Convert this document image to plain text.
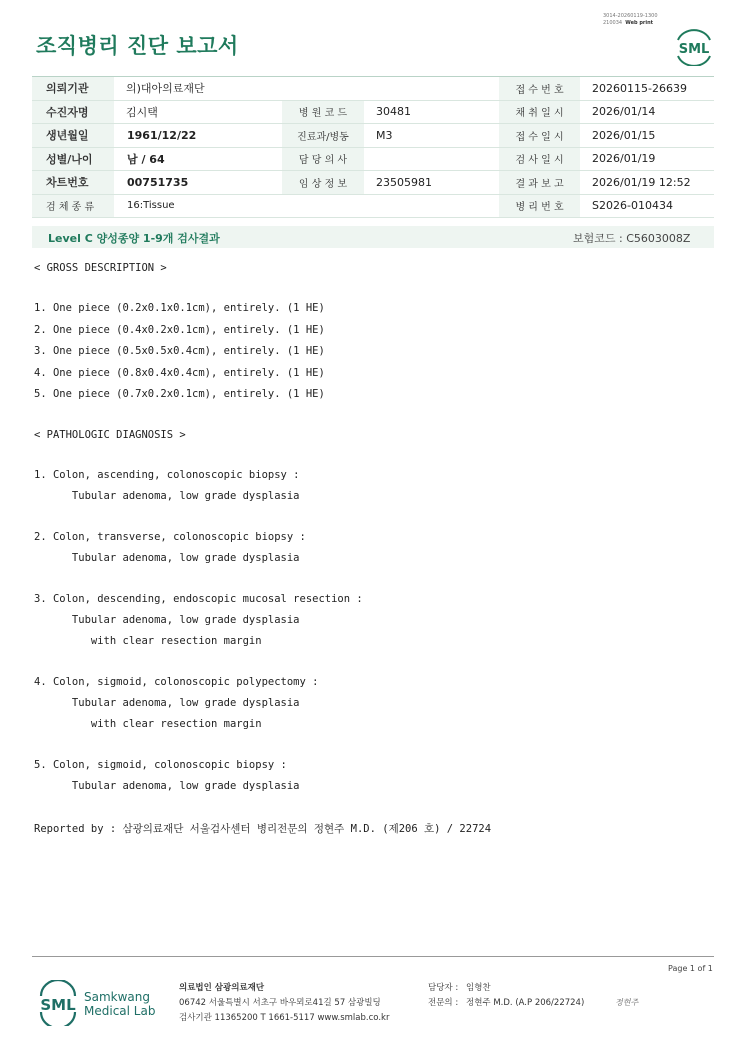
조직병리 진단 보고서
3014-20260119-1300
210034 Web print
SML
의뢰기관	의)대아의료재단			접 수 번 호	20260115-26639
수진자명	김시택	병 원 코 드	30481	채 취 일 시	2026/01/14
생년월일	1961/12/22	진료과/병동	M3	접 수 일 시	2026/01/15
성별/나이	남 / 64	담 당 의 사		검 사 일 시	2026/01/19
차트번호	00751735	임 상 정 보	23505981	결 과 보 고	2026/01/19 12:52
검 체 종 류	16:Tissue			병 리 번 호	S2026-010434
Level C 양성종양 1-9개 검사결과	보험코드 : C5603008Z
< GROSS DESCRIPTION >
1. One piece (0.2x0.1x0.1cm), entirely. (1 HE)
2. One piece (0.4x0.2x0.1cm), entirely. (1 HE)
3. One piece (0.5x0.5x0.4cm), entirely. (1 HE)
4. One piece (0.8x0.4x0.4cm), entirely. (1 HE)
5. One piece (0.7x0.2x0.1cm), entirely. (1 HE)
< PATHOLOGIC DIAGNOSIS >
1. Colon, ascending, colonoscopic biopsy :
Tubular adenoma, low grade dysplasia
2. Colon, transverse, colonoscopic biopsy :
Tubular adenoma, low grade dysplasia
3. Colon, descending, endoscopic mucosal resection :
Tubular adenoma, low grade dysplasia
with clear resection margin
4. Colon, sigmoid, colonoscopic polypectomy :
Tubular adenoma, low grade dysplasia
with clear resection margin
5. Colon, sigmoid, colonoscopic biopsy :
Tubular adenoma, low grade dysplasia
Reported by : 삼광의료재단 서울검사센터 병리전문의 정현주 M.D. (제206 호) / 22724
Page 1 of 1
SML Samkwang
Medical Lab
의료법인 삼광의료재단
06742 서울특별시 서초구 바우뫼로41길 57 삼광빌딩
검사기관 11365200 T 1661-5117 www.smlab.co.kr
담당자 : 임형찬
전문의 : 정현주 M.D. (A.P 206/22724)	정현주
